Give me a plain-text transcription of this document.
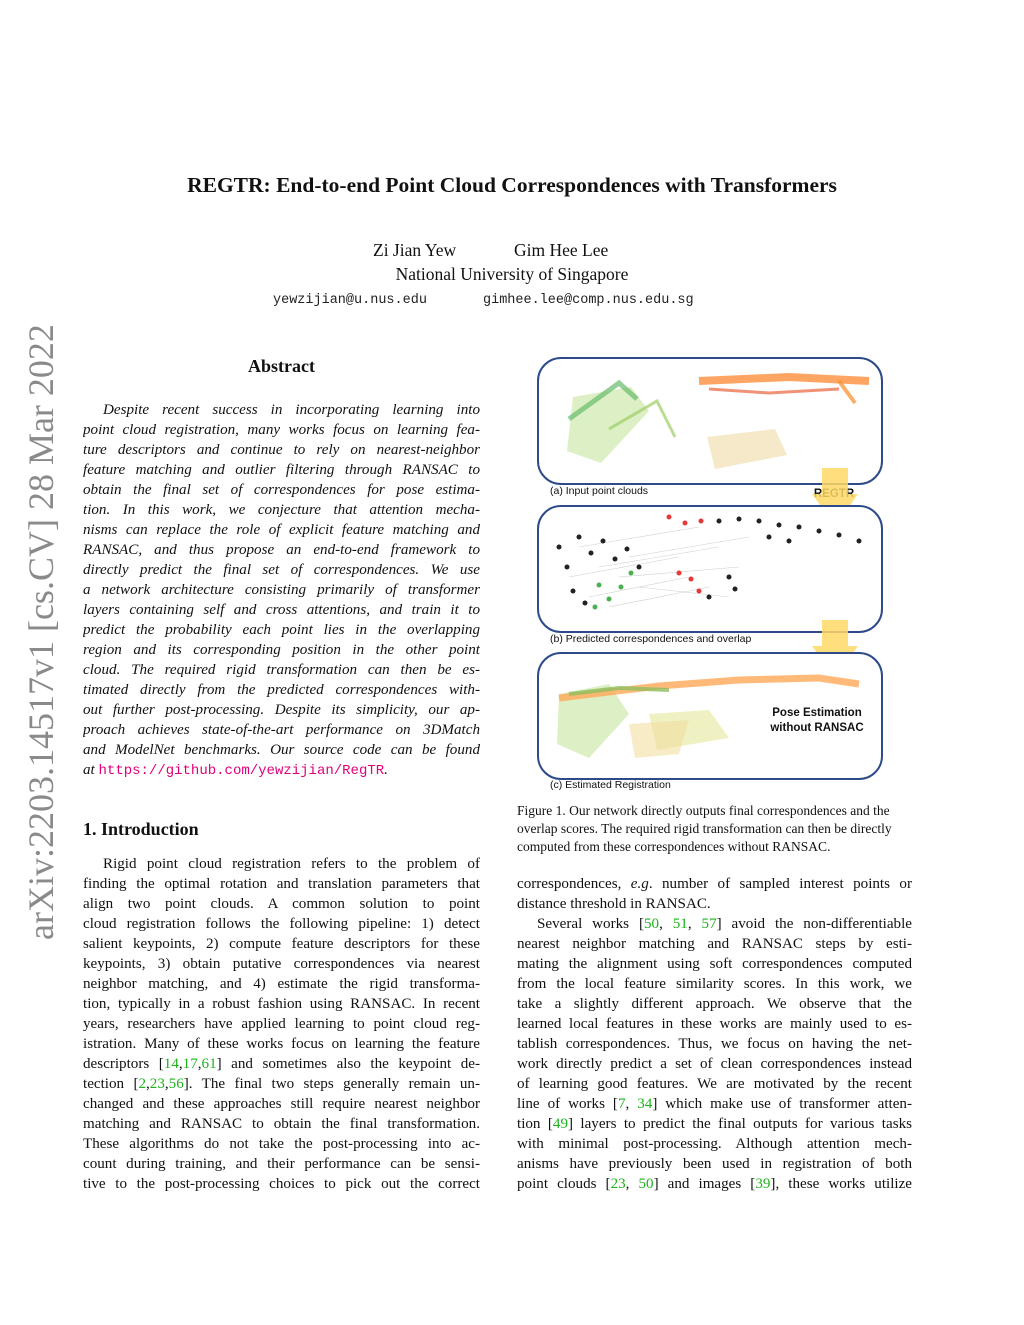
arXiv:2203.14517v1 [cs.CV] 28 Mar 2022
REGTR: End-to-end Point Cloud Correspondences with Transformers
Zi Jian Yew	Gim Hee Lee
National University of Singapore
yewzijian@u.nus.edu	gimhee.lee@comp.nus.edu.sg
Abstract
Despite recent success in incorporating learning into
point cloud registration, many works focus on learning fea-
ture descriptors and continue to rely on nearest-neighbor
feature matching and outlier filtering through RANSAC to
obtain the final set of correspondences for pose estima-
tion. In this work, we conjecture that attention mecha-
nisms can replace the role of explicit feature matching and
RANSAC, and thus propose an end-to-end framework to
directly predict the final set of correspondences. We use
a network architecture consisting primarily of transformer
layers containing self and cross attentions, and train it to
predict the probability each point lies in the overlapping
region and its corresponding position in the other point
cloud. The required rigid transformation can then be es-
timated directly from the predicted correspondences with-
out further post-processing. Despite its simplicity, our ap-
proach achieves state-of-the-art performance on 3DMatch
and ModelNet benchmarks. Our source code can be found
at https://github.com/yewzijian/RegTR.
1. Introduction
Rigid point cloud registration refers to the problem of
finding the optimal rotation and translation parameters that
align two point clouds. A common solution to point
cloud registration follows the following pipeline: 1) detect
salient keypoints, 2) compute feature descriptors for these
keypoints, 3) obtain putative correspondences via nearest
neighbor matching, and 4) estimate the rigid transforma-
tion, typically in a robust fashion using RANSAC. In recent
years, researchers have applied learning to point cloud reg-
istration. Many of these works focus on learning the feature
descriptors [14,17,61] and sometimes also the keypoint de-
tection [2,23,56]. The final two steps generally remain un-
changed and these approaches still require nearest neighbor
matching and RANSAC to obtain the final transformation.
These algorithms do not take the post-processing into ac-
count during training, and their performance can be sensi-
tive to the post-processing choices to pick out the correct
(a) Input point clouds
(b) Predicted correspondences and overlap
(c) Estimated Registration
Pose Estimation
without RANSAC
Figure 1. Our network directly outputs final correspondences and the overlap scores. The required rigid transformation can then be directly computed from these correspondences without RANSAC.
correspondences, e.g. number of sampled interest points or
distance threshold in RANSAC.
Several works [50, 51, 57] avoid the non-differentiable
nearest neighbor matching and RANSAC steps by esti-
mating the alignment using soft correspondences computed
from the local feature similarity scores. In this work, we
take a slightly different approach. We observe that the
learned local features in these works are mainly used to es-
tablish correspondences. Thus, we focus on having the net-
work directly predict a set of clean correspondences instead
of learning good features. We are motivated by the recent
line of works [7, 34] which make use of transformer atten-
tion [49] layers to predict the final outputs for various tasks
with minimal post-processing. Although attention mech-
anisms have previously been used in registration of both
point clouds [23, 50] and images [39], these works utilize
